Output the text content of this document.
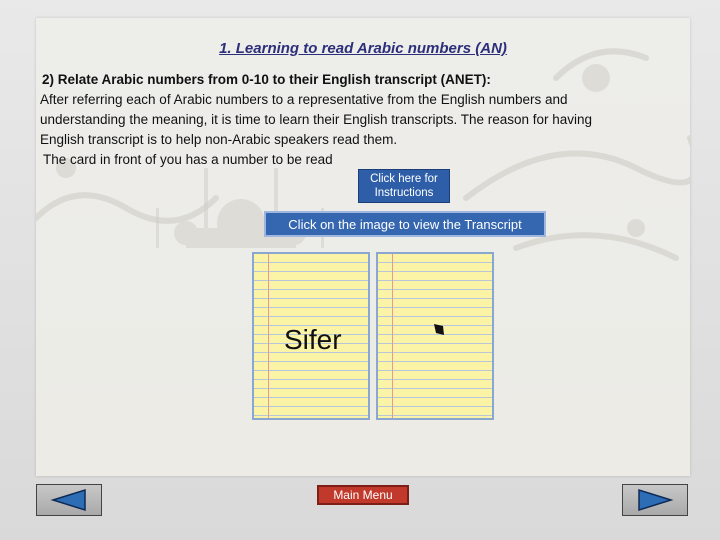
1. Learning to read Arabic numbers (AN)
2) Relate Arabic numbers from 0-10 to their English transcript (ANET):
After referring each of Arabic numbers to a representative from the English numbers and
understanding the meaning, it is time to learn their English transcripts. The reason for having
English transcript is to help non-Arabic speakers read them.
The card in front of you has a number to be read
Click here for Instructions
Click on the image to view the Transcript
Sifer
Main Menu
